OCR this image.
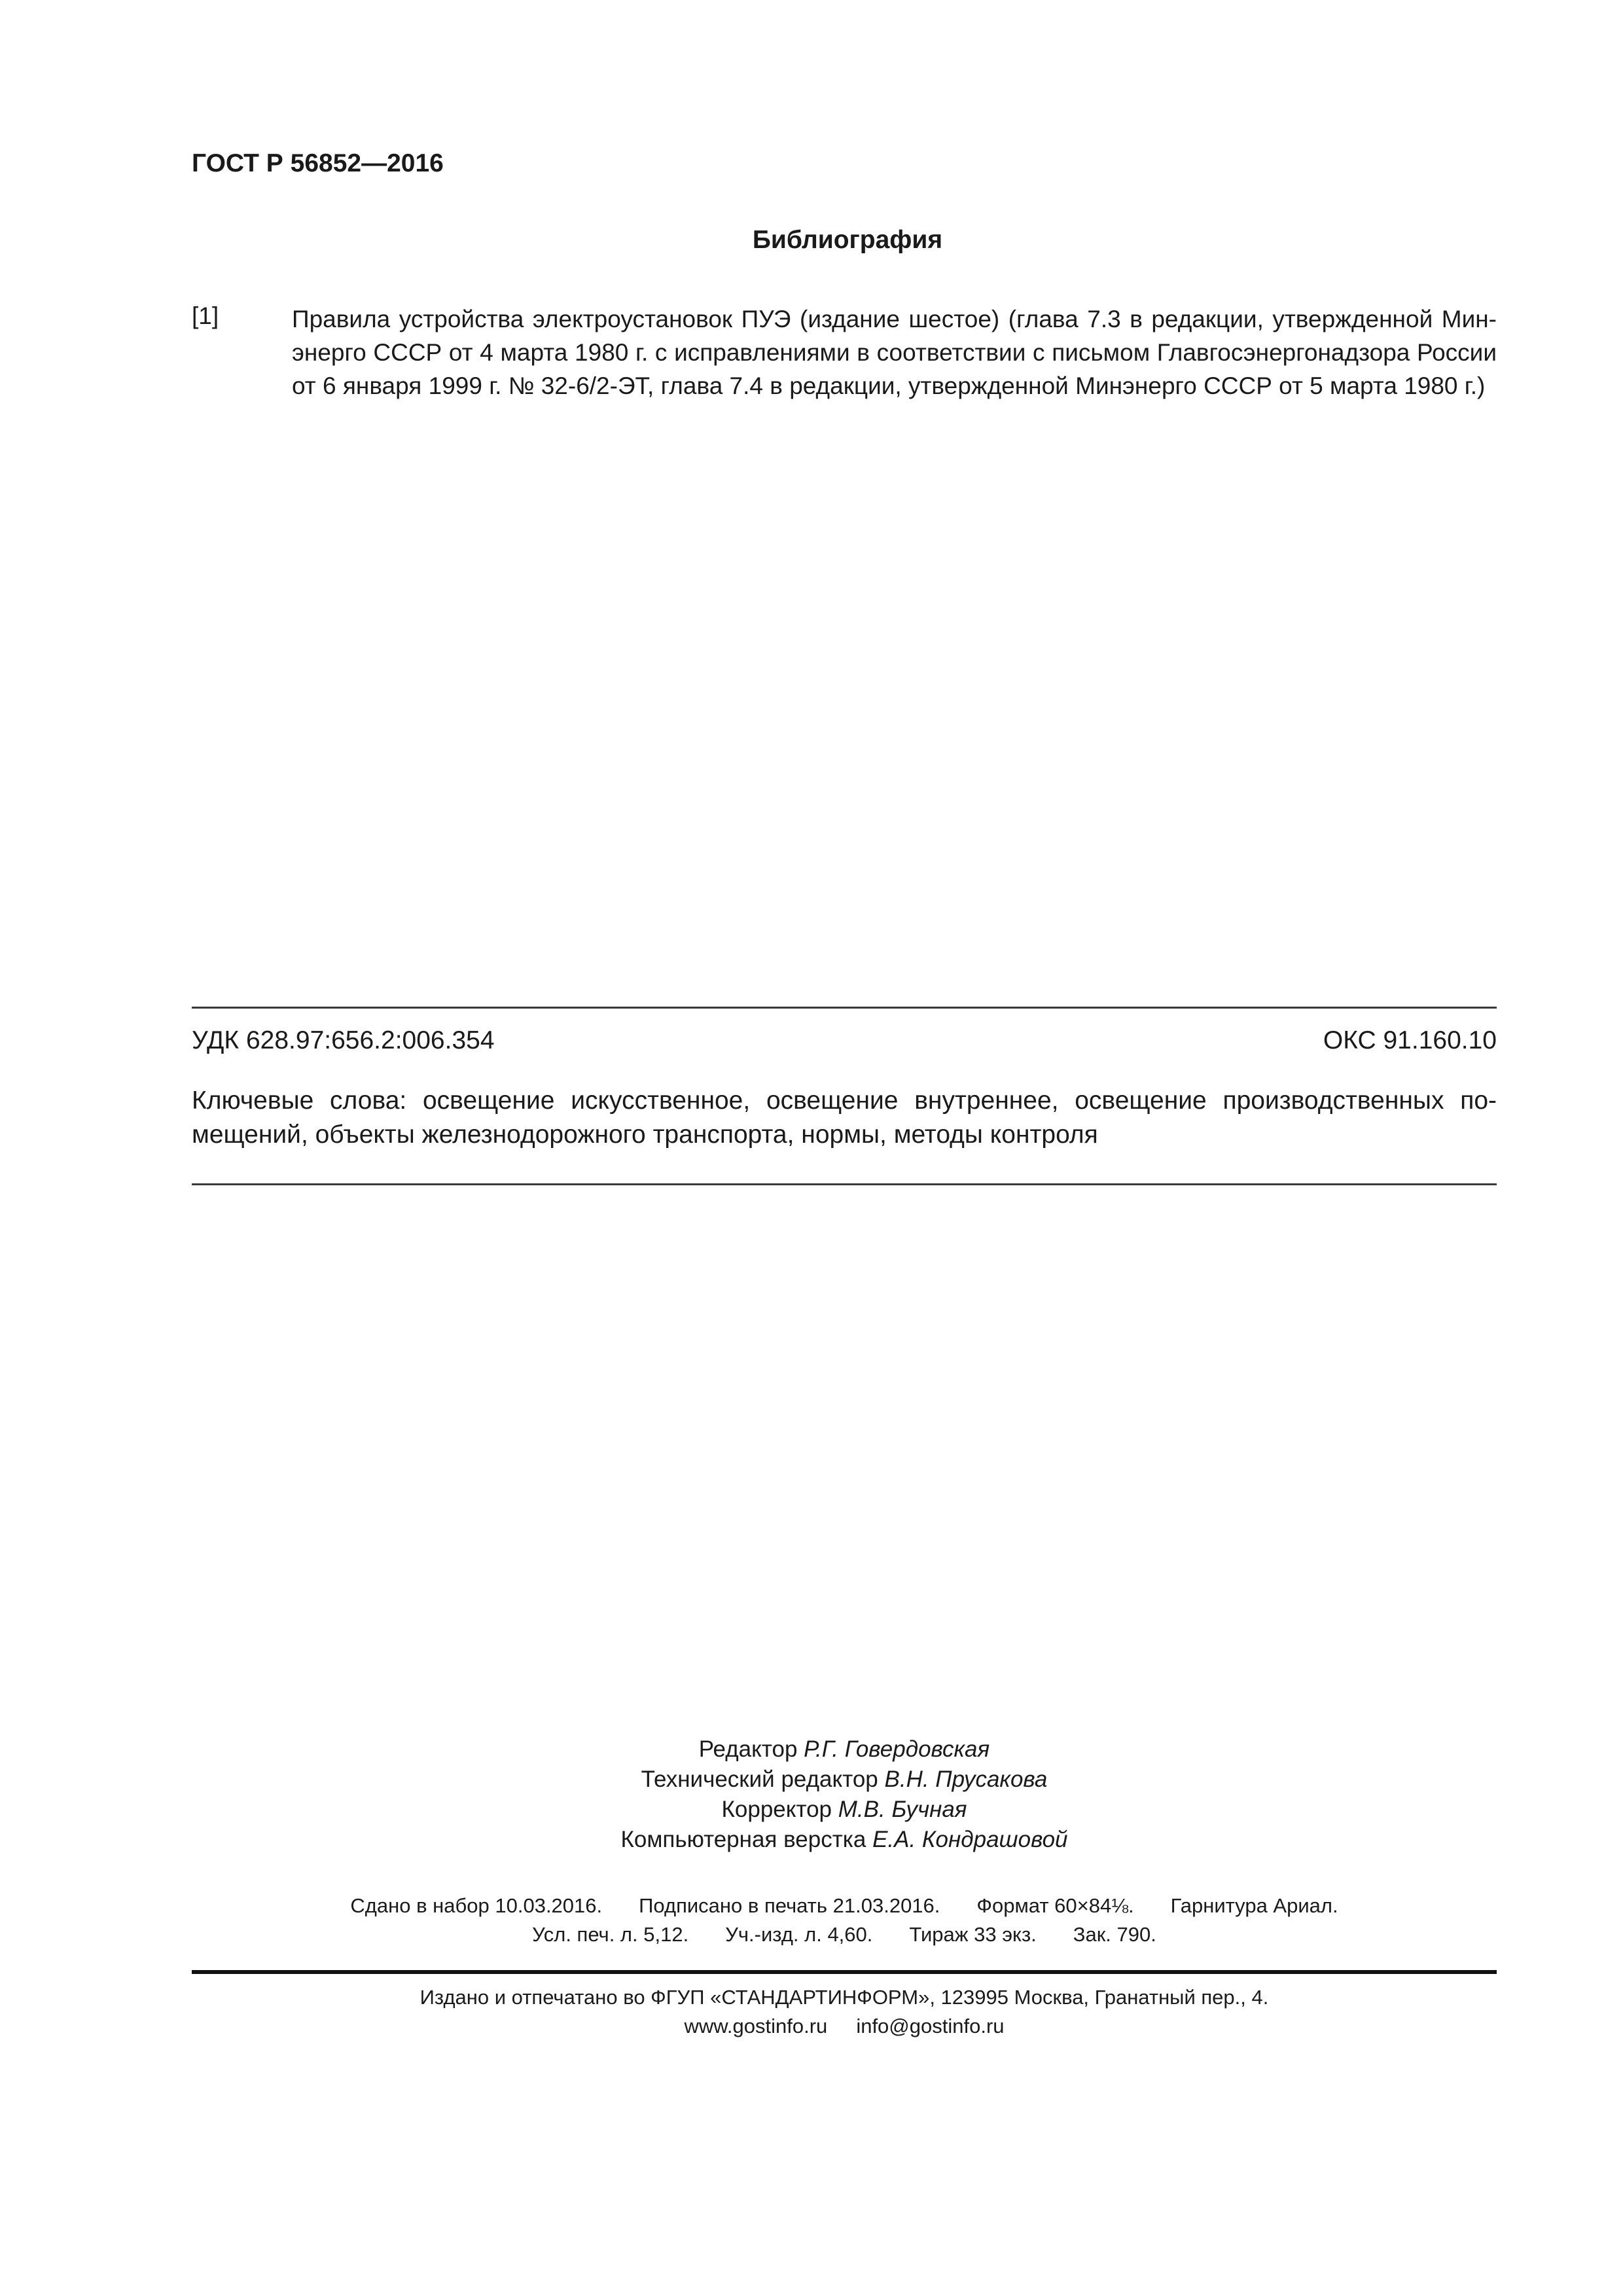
ГОСТ Р 56852—2016
Библиография
[1]	Правила устройства электроустановок ПУЭ (издание шестое) (глава 7.3 в редакции, утвержденной Мин-
энерго СССР от 4 марта 1980 г. с исправлениями в соответствии с письмом Главгосэнергонадзора России
от 6 января 1999 г. № 32-6/2-ЭТ, глава 7.4 в редакции, утвержденной Минэнерго СССР от 5 марта 1980 г.)
УДК 628.97:656.2:006.354	ОКС 91.160.10
Ключевые слова: освещение искусственное, освещение внутреннее, освещение производственных по-
мещений, объекты железнодорожного транспорта, нормы, методы контроля
Редактор Р.Г. Говердовская
Технический редактор В.Н. Прусакова
Корректор М.В. Бучная
Компьютерная верстка Е.А. Кондрашовой
Сдано в набор 10.03.2016. Подписано в печать 21.03.2016. Формат 60×84⅛. Гарнитура Ариал.
Усл. печ. л. 5,12. Уч.-изд. л. 4,60. Тираж 33 экз. Зак. 790.
Издано и отпечатано во ФГУП «СТАНДАРТИНФОРМ», 123995 Москва, Гранатный пер., 4.
www.gostinfo.ru info@gostinfo.ru
